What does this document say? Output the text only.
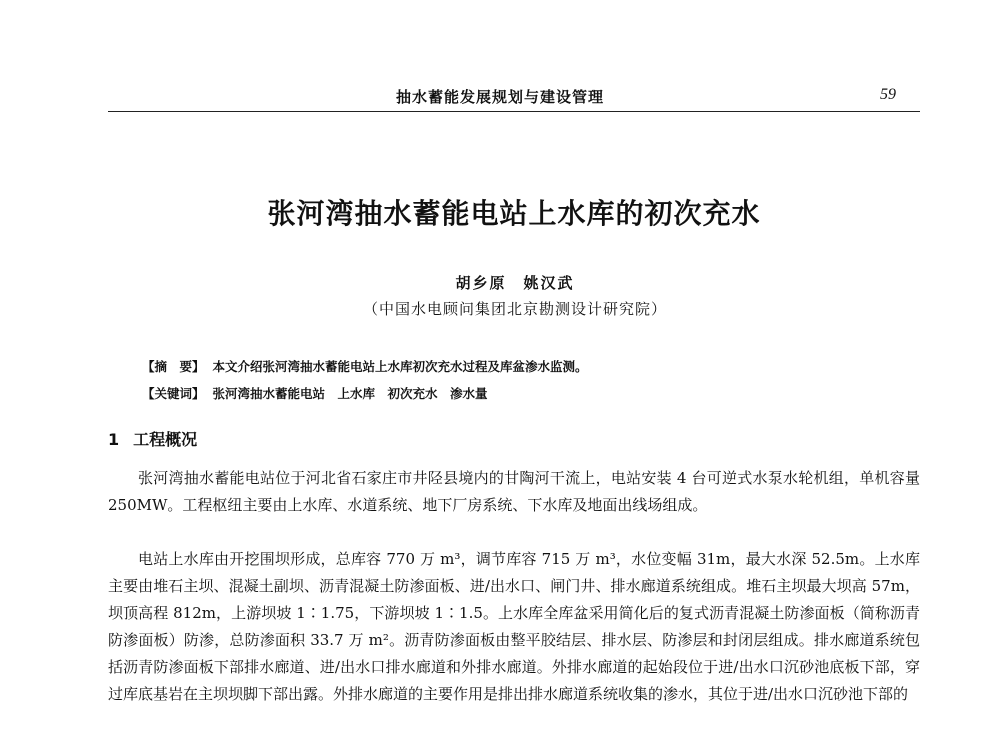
抽水蓄能发展规划与建设管理	59
张河湾抽水蓄能电站上水库的初次充水
胡乡原　姚汉武
（中国水电顾问集团北京勘测设计研究院）
【摘　要】 本文介绍张河湾抽水蓄能电站上水库初次充水过程及库盆渗水监测。
【关键词】 张河湾抽水蓄能电站　上水库　初次充水　渗水量
1 工程概况
张河湾抽水蓄能电站位于河北省石家庄市井陉县境内的甘陶河干流上，电站安装 4 台可逆式水泵水轮机组，单机容量 250MW。工程枢纽主要由上水库、水道系统、地下厂房系统、下水库及地面出线场组成。
电站上水库由开挖围坝形成，总库容 770 万 m³，调节库容 715 万 m³，水位变幅 31m，最大水深 52.5m。上水库主要由堆石主坝、混凝土副坝、沥青混凝土防渗面板、进/出水口、闸门井、排水廊道系统组成。堆石主坝最大坝高 57m，坝顶高程 812m，上游坝坡 1∶1.75，下游坝坡 1∶1.5。上水库全库盆采用简化后的复式沥青混凝土防渗面板（简称沥青防渗面板）防渗，总防渗面积 33.7 万 m²。沥青防渗面板由整平胶结层、排水层、防渗层和封闭层组成。排水廊道系统包括沥青防渗面板下部排水廊道、进/出水口排水廊道和外排水廊道。外排水廊道的起始段位于进/出水口沉砂池底板下部，穿过库底基岩在主坝坝脚下部出露。外排水廊道的主要作用是排出排水廊道系统收集的渗水，其位于进/出水口沉砂池下部的
